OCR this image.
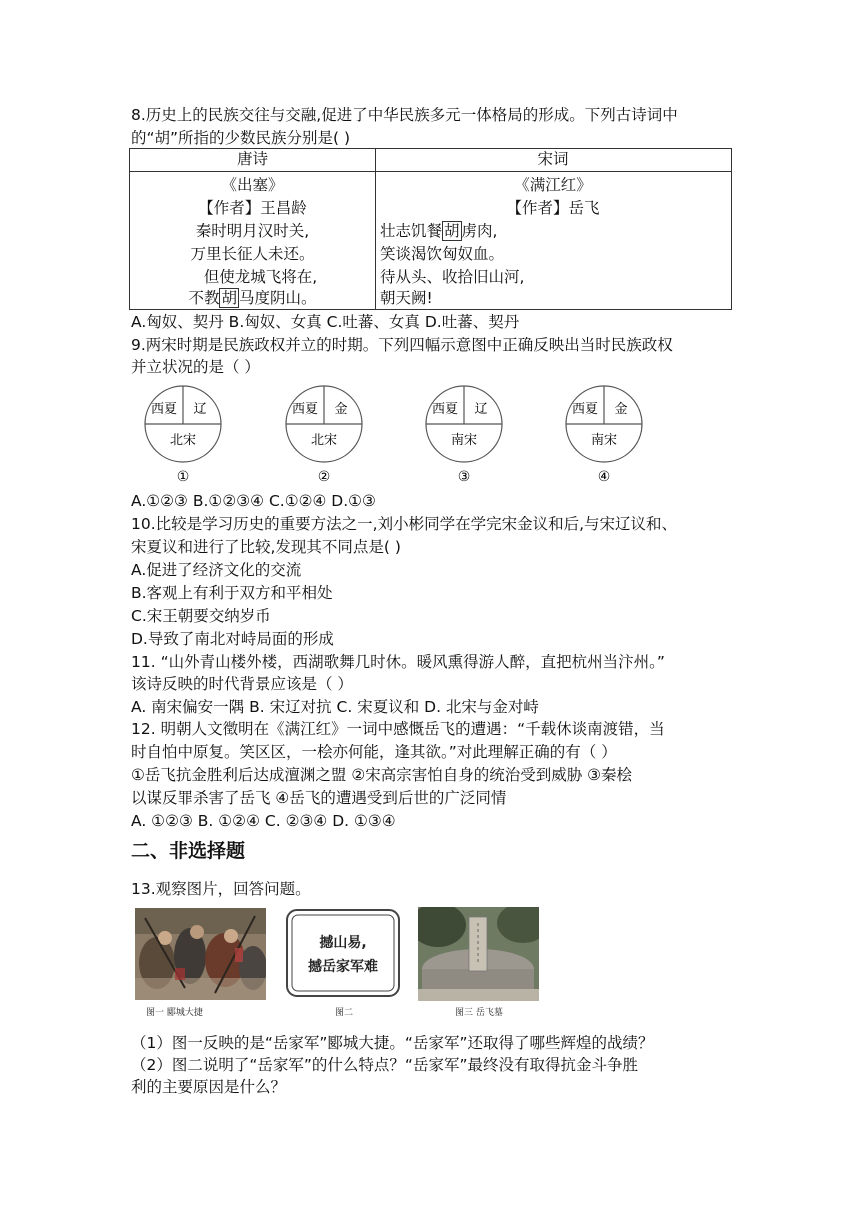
8.历史上的民族交往与交融,促进了中华民族多元一体格局的形成。下列古诗词中
的“胡”所指的少数民族分别是( )
唐诗	宋词
《出塞》
【作者】王昌龄
秦时明月汉时关,
万里长征人未还。
但使龙城飞将在,
不教 胡 马度阴山。
《满江红》
【作者】岳飞
壮志饥餐 胡 虏肉,
笑谈渴饮匈奴血。
待从头、收拾旧山河,
朝天阙!
A.匈奴、契丹 B.匈奴、女真 C.吐蕃、女真 D.吐蕃、契丹
9.两宋时期是民族政权并立的时期。下列四幅示意图中正确反映出当时民族政权
并立状况的是（ ）
西夏 辽
北宋
①
西夏 金
北宋
②
西夏 辽
南宋
③
西夏 金
南宋
④
A.①②③ B.①②③④ C.①②④ D.①③
10.比较是学习历史的重要方法之一,刘小彬同学在学完宋金议和后,与宋辽议和、
宋夏议和进行了比较,发现其不同点是( )
A.促进了经济文化的交流
B.客观上有利于双方和平相处
C.宋王朝要交纳岁币
D.导致了南北对峙局面的形成
11. “山外青山楼外楼，西湖歌舞几时休。暖风熏得游人醉，直把杭州当汴州。”
该诗反映的时代背景应该是（ ）
A. 南宋偏安一隅 B. 宋辽对抗 C. 宋夏议和 D. 北宋与金对峙
12. 明朝人文徵明在《满江红》一词中感慨岳飞的遭遇：“千载休谈南渡错，当
时自怕中原复。笑区区，一桧亦何能，逢其欲。”对此理解正确的有（ ）
①岳飞抗金胜利后达成澶渊之盟 ②宋高宗害怕自身的统治受到威胁 ③秦桧
以谋反罪杀害了岳飞 ④岳飞的遭遇受到后世的广泛同情
A. ①②③ B. ①②④ C. ②③④ D. ①③④
二、非选择题
13.观察图片，回答问题。
图一 郾城大捷
撼山易,
撼岳家军难
图二	图三 岳飞墓
（1）图一反映的是“岳家军”郾城大捷。“岳家军”还取得了哪些辉煌的战绩？
（2）图二说明了“岳家军”的什么特点？“岳家军”最终没有取得抗金斗争胜
利的主要原因是什么？
